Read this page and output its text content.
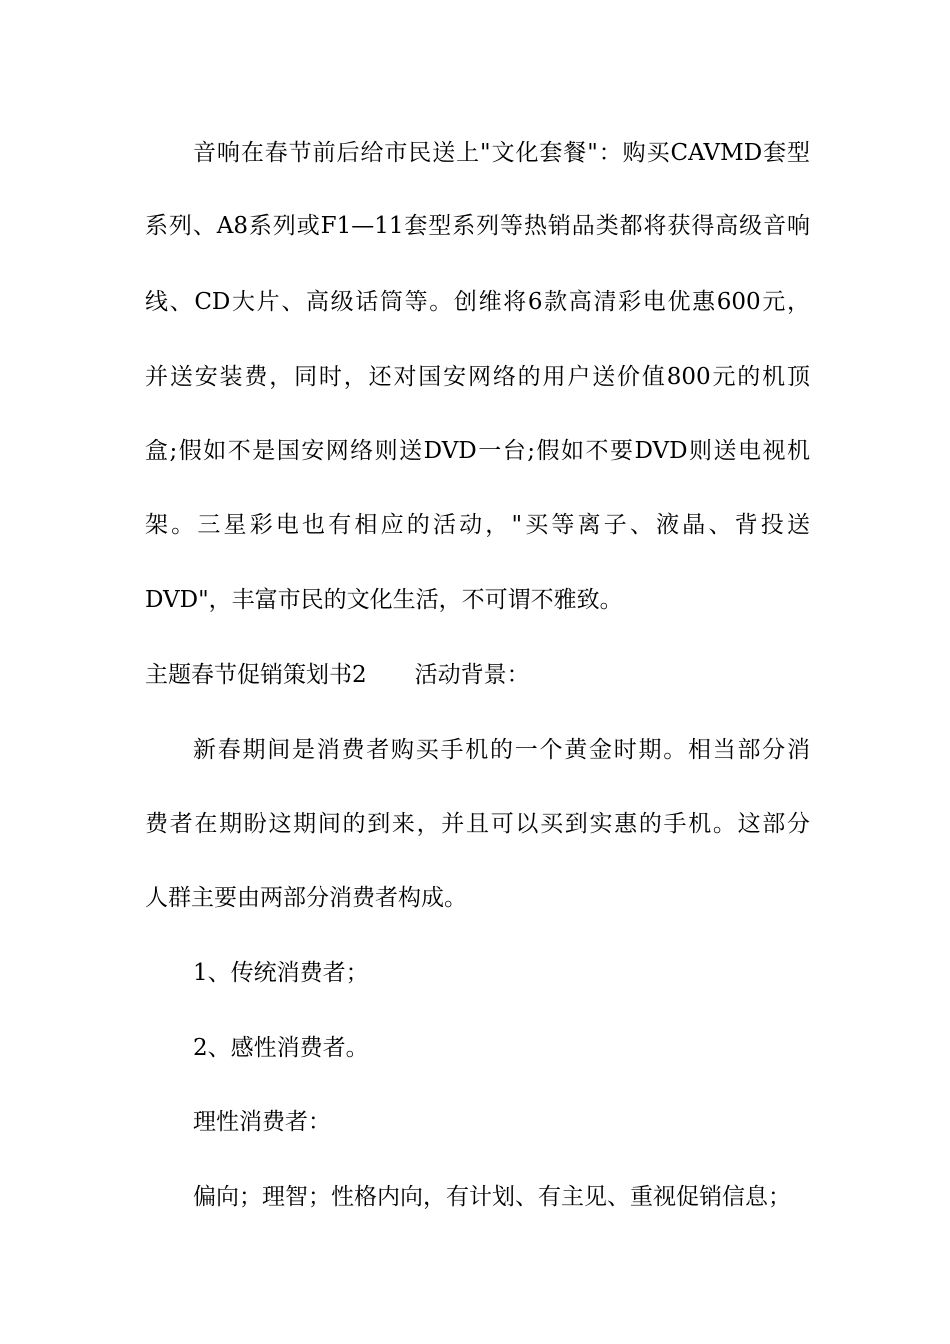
音响在春节前后给市民送上"文化套餐"：购买CAVMD套型
系列、A8系列或F1—11套型系列等热销品类都将获得高级音响
线、CD大片、高级话筒等。创维将6款高清彩电优惠600元，
并送安装费，同时，还对国安网络的用户送价值800元的机顶
盒;假如不是国安网络则送DVD一台;假如不要DVD则送电视机
架。三星彩电也有相应的活动，"买等离子、液晶、背投送
DVD"，丰富市民的文化生活，不可谓不雅致。
主题春节促销策划书2 活动背景：
新春期间是消费者购买手机的一个黄金时期。相当部分消
费者在期盼这期间的到来，并且可以买到实惠的手机。这部分
人群主要由两部分消费者构成。
1、传统消费者；
2、感性消费者。
理性消费者：
偏向；理智；性格内向，有计划、有主见、重视促销信息；
